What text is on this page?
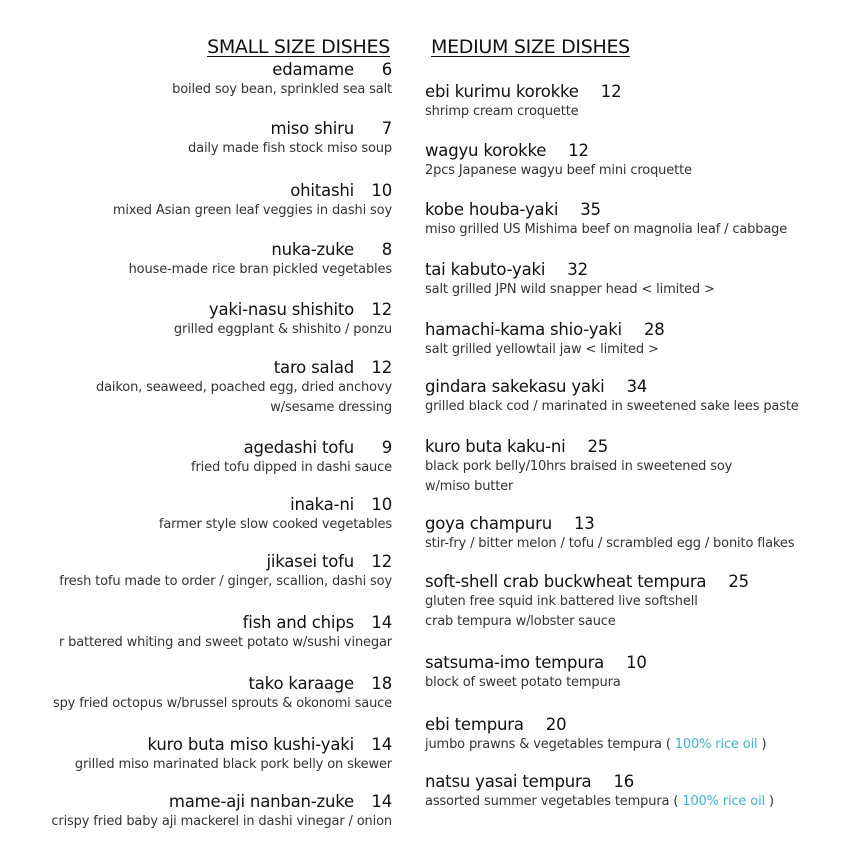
SMALL SIZE DISHES
edamame 6
boiled soy bean, sprinkled sea salt
miso shiru 7
daily made fish stock miso soup
ohitashi 10
mixed Asian green leaf veggies in dashi soy
nuka-zuke 8
house-made rice bran pickled vegetables
yaki-nasu shishito 12
grilled eggplant & shishito / ponzu
taro salad 12
daikon, seaweed, poached egg, dried anchovy
w/sesame dressing
agedashi tofu 9
fried tofu dipped in dashi sauce
inaka-ni 10
farmer style slow cooked vegetables
jikasei tofu 12
fresh tofu made to order / ginger, scallion, dashi soy
fish and chips 14
r battered whiting and sweet potato w/sushi vinegar
tako karaage 18
spy fried octopus w/brussel sprouts & okonomi sauce
kuro buta miso kushi-yaki 14
grilled miso marinated black pork belly on skewer
mame-aji nanban-zuke 14
crispy fried baby aji mackerel in dashi vinegar / onion
MEDIUM SIZE DISHES
ebi kurimu korokke 12
shrimp cream croquette
wagyu korokke 12
2pcs Japanese wagyu beef mini croquette
kobe houba-yaki 35
miso grilled US Mishima beef on magnolia leaf / cabbage
tai kabuto-yaki 32
salt grilled JPN wild snapper head < limited >
hamachi-kama shio-yaki 28
salt grilled yellowtail jaw < limited >
gindara sakekasu yaki 34
grilled black cod / marinated in sweetened sake lees paste
kuro buta kaku-ni 25
black pork belly/10hrs braised in sweetened soy
w/miso butter
goya champuru 13
stir-fry / bitter melon / tofu / scrambled egg / bonito flakes
soft-shell crab buckwheat tempura 25
gluten free squid ink battered live softshell
crab tempura w/lobster sauce
satsuma-imo tempura 10
block of sweet potato tempura
ebi tempura 20
jumbo prawns & vegetables tempura ( 100% rice oil )
natsu yasai tempura 16
assorted summer vegetables tempura ( 100% rice oil )
